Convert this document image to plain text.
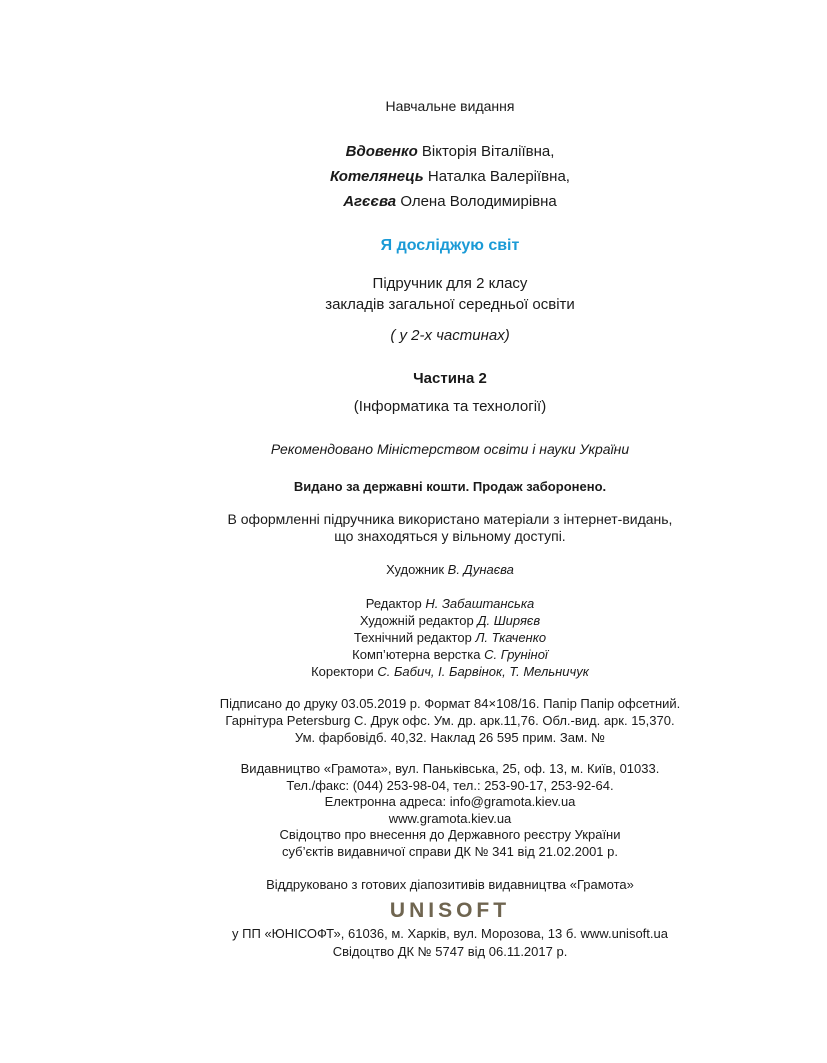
Навчальне видання
Вдовенко Вікторія Віталіївна,
Котелянець Наталка Валеріївна,
Агєєва Олена Володимирівна
Я досліджую світ
Підручник для 2 класу
закладів загальної середньої освіти
( у 2-х частинах)
Частина 2
(Інформатика та технології)
Рекомендовано Міністерством освіти і науки України
Видано за державні кошти. Продаж заборонено.
В оформленні підручника використано матеріали з інтернет-видань,
що знаходяться у вільному доступі.
Художник В. Дунаєва
Редактор Н. Забаштанська
Художній редактор Д. Ширяєв
Технічний редактор Л. Ткаченко
Комп’ютерна верстка С. Груніної
Коректори С. Бабич, І. Барвінок, Т. Мельничук
Підписано до друку 03.05.2019 р. Формат 84×108/16. Папір Папір офсетний.
Гарнітура Petersburg C. Друк офс. Ум. др. арк.11,76. Обл.-вид. арк. 15,370.
Ум. фарбовідб. 40,32. Наклад 26 595 прим. Зам. №
Видавництво «Грамота», вул. Паньківська, 25, оф. 13, м. Київ, 01033.
Тел./факс: (044) 253-98-04, тел.: 253-90-17, 253-92-64.
Електронна адреса: info@gramota.kiev.ua
www.gramota.kiev.ua
Свідоцтво про внесення до Державного реєстру України
суб’єктів видавничої справи ДК № 341 від 21.02.2001 р.
Віддруковано з готових діапозитивів видавництва «Грамота»
UNISOFT
у ПП «ЮНІСОФТ», 61036, м. Харків, вул. Морозова, 13 б. www.unisoft.ua
Свідоцтво ДК № 5747 від 06.11.2017 р.
